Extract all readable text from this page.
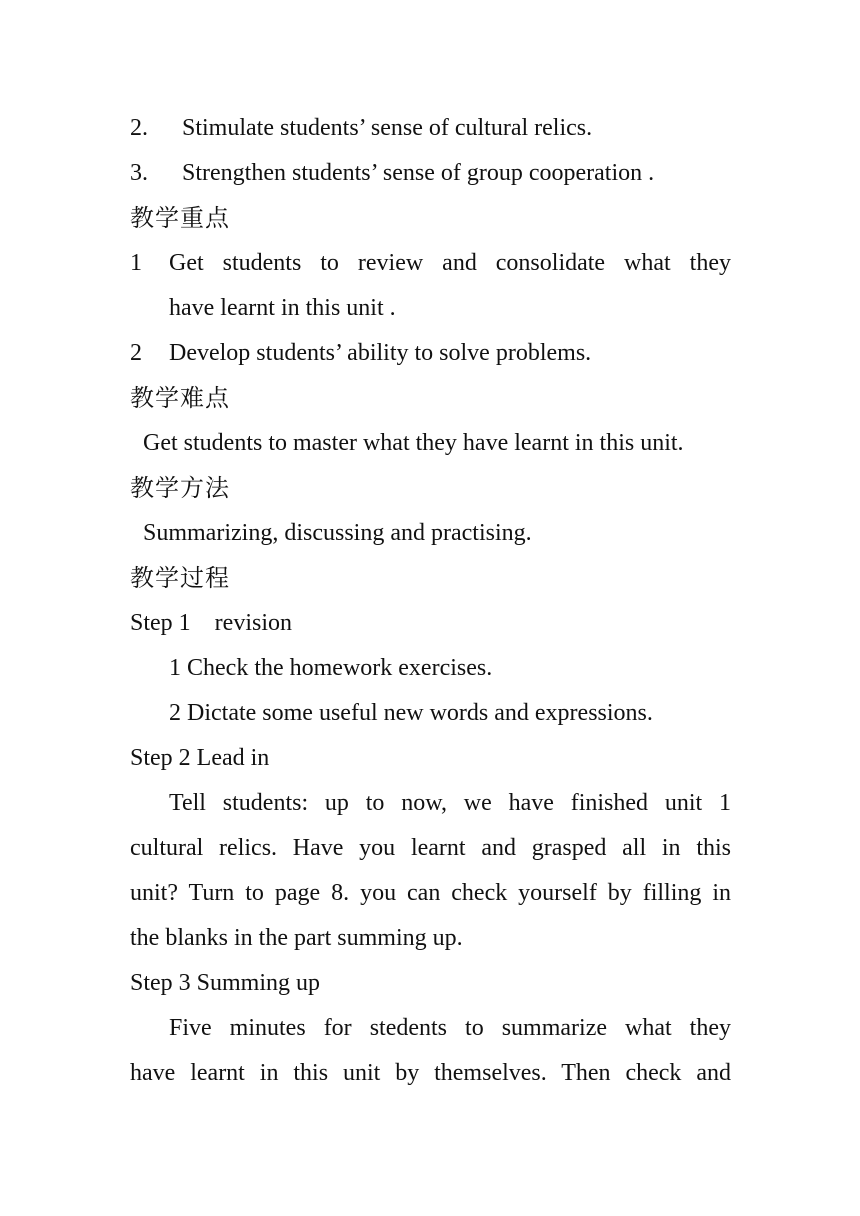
2. Stimulate students’ sense of cultural relics.

3. Strengthen students’ sense of group cooperation .

教学重点

1 Get students to review and consolidate what they

have learnt in this unit .

2 Develop students’ ability to solve problems.

教学难点

Get students to master what they have learnt in this unit.

教学方法

Summarizing, discussing and practising.

教学过程

Step 1    revision

1 Check the homework exercises.

2 Dictate some useful new words and expressions.

Step 2 Lead in

Tell students: up to now, we have finished unit 1

cultural relics. Have you learnt and grasped all in this

unit? Turn to page 8. you can check yourself by filling in

the blanks in the part summing up.

Step 3 Summing up

Five minutes for stedents to summarize what they

have learnt in this unit by themselves. Then check and
